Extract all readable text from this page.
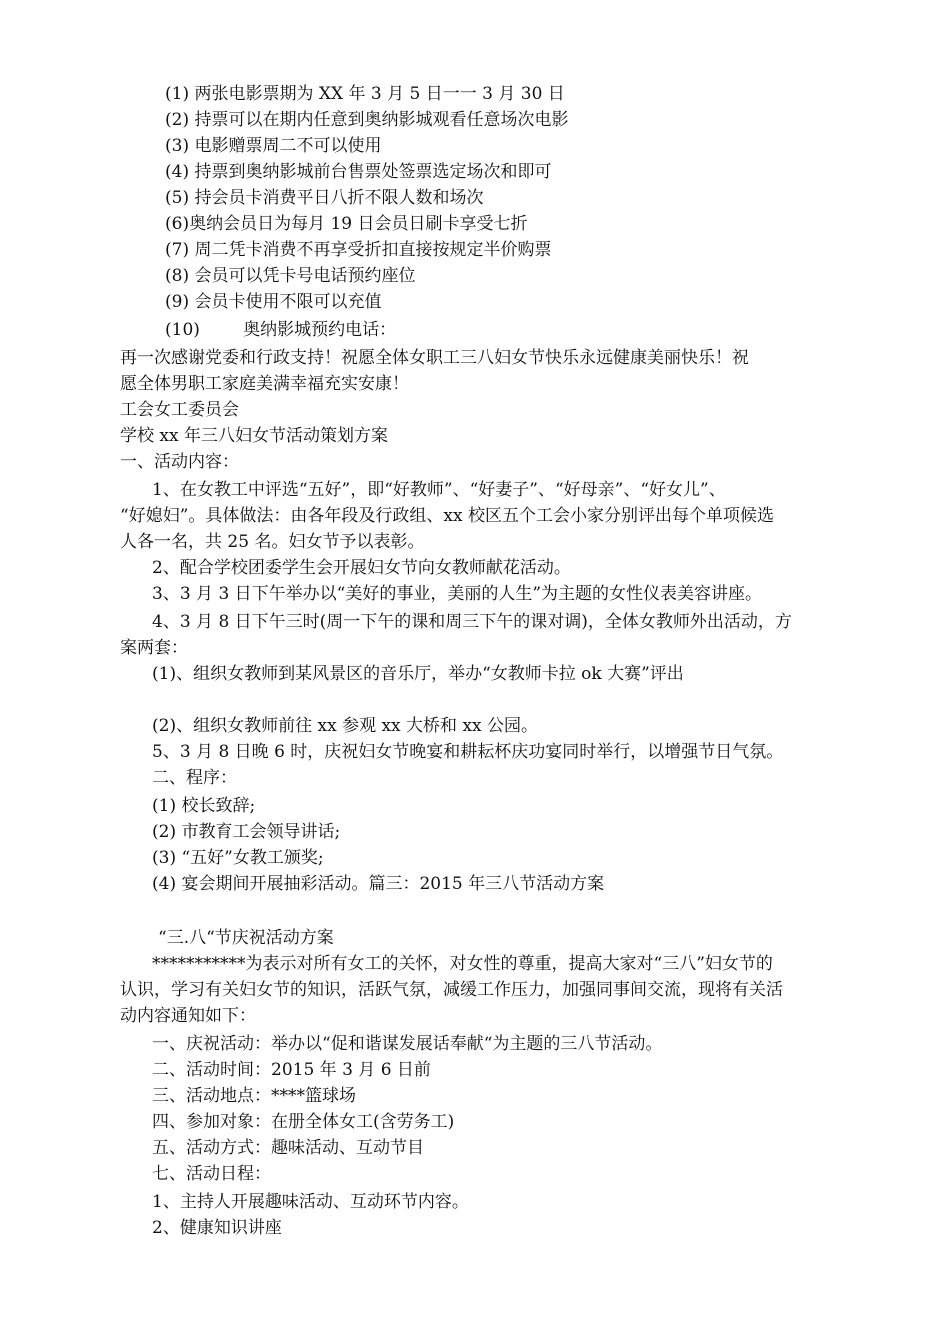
(1) 两张电影票期为 XX 年 3 月 5 日一一 3 月 30 日
(2) 持票可以在期内任意到奥纳影城观看任意场次电影
(3) 电影赠票周二不可以使用
(4) 持票到奥纳影城前台售票处签票选定场次和即可
(5) 持会员卡消费平日八折不限人数和场次
(6)奥纳会员日为每月 19 日会员日刷卡享受七折
(7) 周二凭卡消费不再享受折扣直接按规定半价购票
(8) 会员可以凭卡号电话预约座位
(9) 会员卡使用不限可以充值
(10)        奥纳影城预约电话：
再一次感谢党委和行政支持！祝愿全体女职工三八妇女节快乐永远健康美丽快乐！祝
愿全体男职工家庭美满幸福充实安康！
工会女工委员会
学校 xx 年三八妇女节活动策划方案
一、活动内容：
1、在女教工中评选“五好”，即“好教师”、“好妻子”、“好母亲”、“好女儿”、
“好媳妇”。具体做法：由各年段及行政组、xx 校区五个工会小家分别评出每个单项候选
人各一名，共 25 名。妇女节予以表彰。
2、配合学校团委学生会开展妇女节向女教师献花活动。
3、3 月 3 日下午举办以“美好的事业，美丽的人生”为主题的女性仪表美容讲座。
4、3 月 8 日下午三时(周一下午的课和周三下午的课对调)，全体女教师外出活动，方
案两套：
(1)、组织女教师到某风景区的音乐厅，举办“女教师卡拉 ok 大赛”评出
(2)、组织女教师前往 xx 参观 xx 大桥和 xx 公园。
5、3 月 8 日晚 6 时，庆祝妇女节晚宴和耕耘杯庆功宴同时举行，以增强节日气氛。
二、程序：
(1) 校长致辞;
(2) 市教育工会领导讲话;
(3) “五好”女教工颁奖;
(4) 宴会期间开展抽彩活动。篇三：2015 年三八节活动方案
“三.八“节庆祝活动方案
***********为表示对所有女工的关怀，对女性的尊重，提高大家对“三八”妇女节的
认识，学习有关妇女节的知识，活跃气氛，减缓工作压力，加强同事间交流，现将有关活
动内容通知如下：
一、庆祝活动：举办以“促和谐谋发展话奉献“为主题的三八节活动。
二、活动时间：2015 年 3 月 6 日前
三、活动地点：****篮球场
四、参加对象：在册全体女工(含劳务工)
五、活动方式：趣味活动、互动节目
七、活动日程：
1、主持人开展趣味活动、互动环节内容。
2、健康知识讲座
